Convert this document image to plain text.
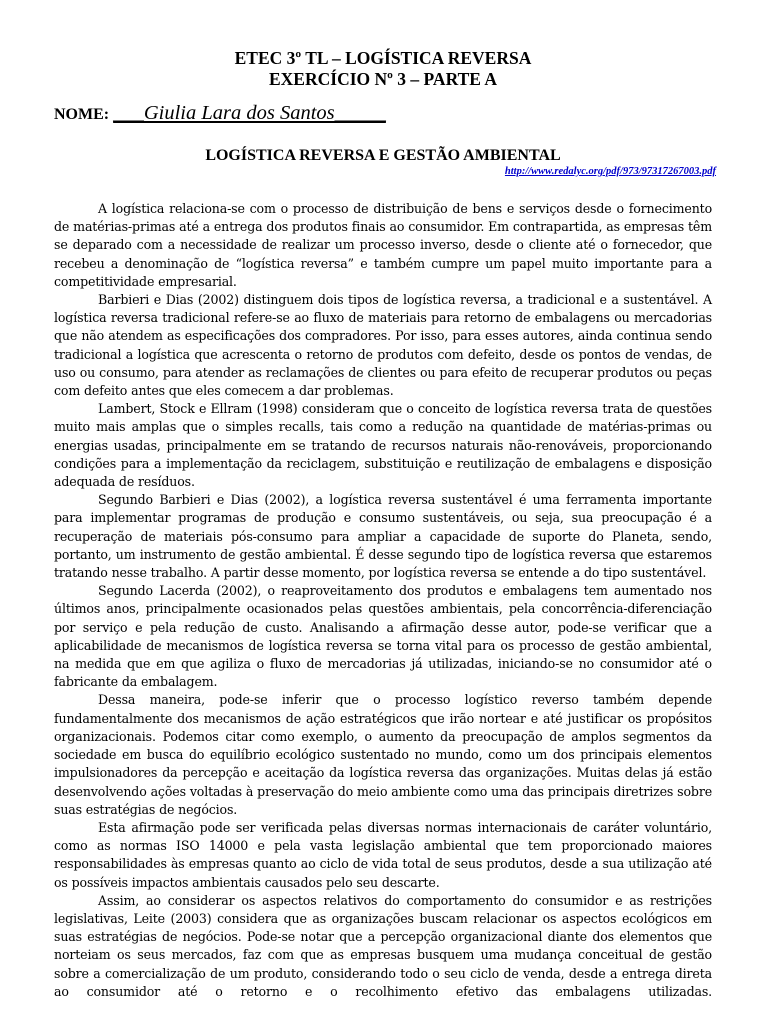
ETEC 3º TL – LOGÍSTICA REVERSA
EXERCÍCIO Nº 3 – PARTE A
NOME: ___Giulia Lara dos Santos_____
LOGÍSTICA REVERSA E GESTÃO AMBIENTAL
http://www.redalyc.org/pdf/973/97317267003.pdf

A logística relaciona-se com o processo de distribuição de bens e serviços desde o fornecimento de matérias-primas até a entrega dos produtos finais ao consumidor. Em contrapartida, as empresas têm se deparado com a necessidade de realizar um processo inverso, desde o cliente até o fornecedor, que recebeu a denominação de “logística reversa” e também cumpre um papel muito importante para a competitividade empresarial.

Barbieri e Dias (2002) distinguem dois tipos de logística reversa, a tradicional e a sustentável. A logística reversa tradicional refere-se ao fluxo de materiais para retorno de embalagens ou mercadorias que não atendem as especificações dos compradores. Por isso, para esses autores, ainda continua sendo tradicional a logística que acrescenta o retorno de produtos com defeito, desde os pontos de vendas, de uso ou consumo, para atender as reclamações de clientes ou para efeito de recuperar produtos ou peças com defeito antes que eles comecem a dar problemas.

Lambert, Stock e Ellram (1998) consideram que o conceito de logística reversa trata de questões muito mais amplas que o simples recalls, tais como a redução na quantidade de matérias-primas ou energias usadas, principalmente em se tratando de recursos naturais não-renováveis, proporcionando condições para a implementação da reciclagem, substituição e reutilização de embalagens e disposição adequada de resíduos.

Segundo Barbieri e Dias (2002), a logística reversa sustentável é uma ferramenta importante para implementar programas de produção e consumo sustentáveis, ou seja, sua preocupação é a recuperação de materiais pós-consumo para ampliar a capacidade de suporte do Planeta, sendo, portanto, um instrumento de gestão ambiental. É desse segundo tipo de logística reversa que estaremos tratando nesse trabalho. A partir desse momento, por logística reversa se entende a do tipo sustentável.

Segundo Lacerda (2002), o reaproveitamento dos produtos e embalagens tem aumentado nos últimos anos, principalmente ocasionados pelas questões ambientais, pela concorrência-diferenciação por serviço e pela redução de custo. Analisando a afirmação desse autor, pode-se verificar que a aplicabilidade de mecanismos de logística reversa se torna vital para os processo de gestão ambiental, na medida que em que agiliza o fluxo de mercadorias já utilizadas, iniciando-se no consumidor até o fabricante da embalagem.

Dessa maneira, pode-se inferir que o processo logístico reverso também depende fundamentalmente dos mecanismos de ação estratégicos que irão nortear e até justificar os propósitos organizacionais. Podemos citar como exemplo, o aumento da preocupação de amplos segmentos da sociedade em busca do equilíbrio ecológico sustentado no mundo, como um dos principais elementos impulsionadores da percepção e aceitação da logística reversa das organizações. Muitas delas já estão desenvolvendo ações voltadas à preservação do meio ambiente como uma das principais diretrizes sobre suas estratégias de negócios.

Esta afirmação pode ser verificada pelas diversas normas internacionais de caráter voluntário, como as normas ISO 14000 e pela vasta legislação ambiental que tem proporcionado maiores responsabilidades às empresas quanto ao ciclo de vida total de seus produtos, desde a sua utilização até os possíveis impactos ambientais causados pelo seu descarte.

Assim, ao considerar os aspectos relativos do comportamento do consumidor e as restrições legislativas, Leite (2003) considera que as organizações buscam relacionar os aspectos ecológicos em suas estratégias de negócios. Pode-se notar que a percepção organizacional diante dos elementos que norteiam os seus mercados, faz com que as empresas busquem uma mudança conceitual de gestão sobre a comercialização de um produto, considerando todo o seu ciclo de venda, desde a entrega direta ao consumidor até o retorno e o recolhimento efetivo das embalagens utilizadas.
